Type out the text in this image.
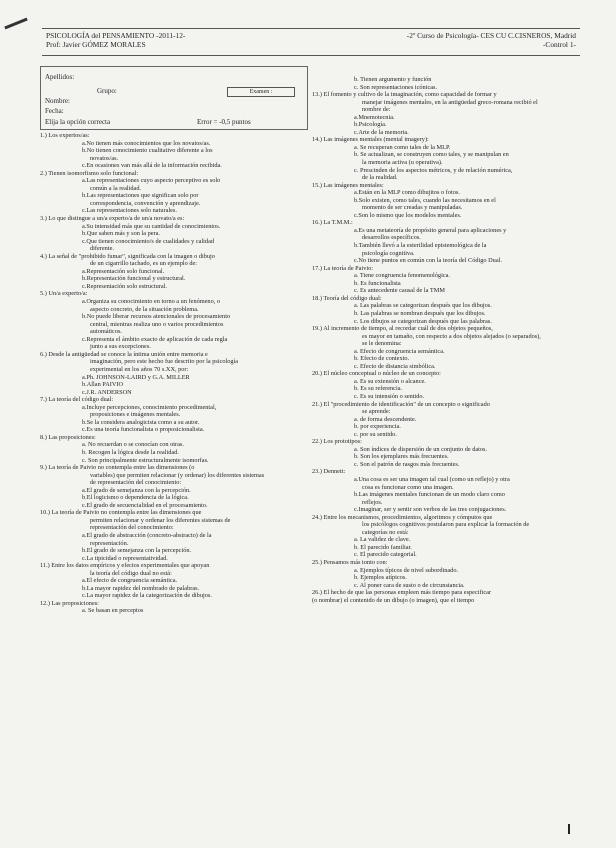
PSICOLOGÍA del PENSAMIENTO -2011-12-
Prof: Javier GÓMEZ MORALES
-2º Curso de Psicología- CES CU C.CISNEROS, Madrid
-Control 1-
Apellidos:
Grupo:	Examen :
Nombre:
Fecha:
Elija la opción correcta	Error = -0,5 puntos
1.) Los expertos/as:
a.No tienen más conocimientos que los novatos/as.
b.No tienen conocimiento cualitativo diferente a los
novatos/as.
c.En ocasiones van más allá de la información recibida.
2.) Tienen isomorfismo solo funcional:
a.Las representaciones cuyo aspecto perceptivo es solo
común a la realidad.
b.Las representaciones que significan solo por
correspondencia, convención y aprendizaje.
c.Las representaciones solo naturales.
3.) Lo que distingue a un/a experto/a de un/a novato/a es:
a.Su intensidad más que su cantidad de conocimientos.
b.Que saben más y son la pera.
c.Que tienen conocimiento/s de cualidades y calidad
diferente.
4.) La señal de "prohibido fumar", significada con la imagen o dibujo
de un cigarrillo tachado, es un ejemplo de:
a.Representación solo funcional.
b.Representación funcional y estructural.
c.Representación solo estructural.
5.) Un/a experto/a:
a.Organiza su conocimiento en torno a un fenómeno, o
aspecto concreto, de la situación problema.
b.No puede liberar recursos atencionales de procesamiento
central, mientras realiza uno o varios procedimientos
automáticos.
c.Representa el ámbito exacto de aplicación de cada regla
junto a sus excepciones.
6.) Desde la antigüedad se conoce la íntima unión entre memoria e
imaginación, pero este hecho fue descrito por la psicología
experimental en los años 70 s.XX, por:
a.Ph. JOHNSON-LAIRD y G.A. MILLER
b.Allan PAIVIO
c.J.R. ANDERSON
7.) La teoría del código dual:
a.Incluye percepciones, conocimiento procedimental,
proposiciones e imágenes mentales.
b.Se la considera analogicista como a su autor.
c.Es una teoría funcionalista o proposicionalista.
8.) Las proposiciones:
a. No recuerdan o se conocían con otras.
b. Recogen la lógica desde la realidad.
c. Son principalmente estructuralmente isomorfas.
9.) La teoría de Paivio no contempla entre las dimensiones (o
variables) que permiten relacionar (y ordenar) los diferentes sistemas
de representación del conocimiento:
a.El grado de semejanza con la percepción.
b.El logicismo o dependencia de la lógica.
c.El grado de secuencialidad en el procesamiento.
10.) La teoría de Paivio no contempla entre las dimensiones que
permiten relacionar y ordenar los diferentes sistemas de
representación del conocimiento:
a.El grado de abstracción (concreto-abstracto) de la
representación.
b.El grado de semejanza con la percepción.
c.La tipicidad o representatividad.
11.) Entre los datos empíricos y efectos experimentales que apoyan
la teoría del código dual no está:
a.El efecto de congruencia semántica.
b.La mayor rapidez del nombrado de palabras.
c.La mayor rapidez de la categorización de dibujos.
12.) Las proposiciones:
a. Se basan en perceptos
b. Tienen argumento y función
c. Son representaciones icónicas.
13.) El fomento y cultivo de la imaginación, como capacidad de formar y
manejar imágenes mentales, en la antigüedad greco-romana recibió el
nombre de:
a.Mnemotecnia.
b.Psicología.
c.Arte de la memoria.
14.) Las imágenes mentales (mental imagery):
a. Se recuperan como tales de la MLP.
b. Se actualizan, se construyen como tales, y se manipulan en
la memoria activa (u operativa).
c. Prescinden de los aspectos métricos, y de relación numérica,
de la realidad.
15.) Las imágenes mentales:
a.Están en la MLP como dibujitos o fotos.
b.Solo existen, como tales, cuando las necesitamos en el
momento de ser creadas y manipuladas.
c.Son lo mismo que los modelos mentales.
16.) La T.M.M.:
a.Es una metateoría de propósito general para aplicaciones y
desarrollos específicos.
b.También llevó a la esterilidad epistemológica de la
psicología cognitiva.
c.No tiene puntos en común con la teoría del Código Dual.
17.) La teoría de Paivio:
a. Tiene congruencia fenomenológica.
b. Es funcionalista
c. Es antecedente causal de la TMM
18.) Teoría del código dual:
a. Las palabras se categorizan después que los dibujos.
b. Las palabras se nombran después que los dibujos.
c. Los dibujos se categorizan después que las palabras.
19.) Al incremento de tiempo, al recordar cuál de dos objetos pequeños,
es mayor en tamaño, con respecto a dos objetos alejados (o separados),
se le denomina:
a. Efecto de congruencia semántica.
b. Efecto de contexto.
c. Efecto de distancia simbólica.
20.) El núcleo conceptual o núcleo de un concepto:
a. Es su extensión o alcance.
b. Es su referencia.
c. Es su intensión o sentido.
21.) El "procedimiento de identificación" de un concepto o significado
se aprende:
a. de forma descendente.
b. por experiencia.
c. por su sentido.
22.) Los prototipos:
a. Son índices de dispersión de un conjunto de datos.
b. Son los ejemplares más frecuentes.
c. Son el patrón de rasgos más frecuentes.
23.) Dennett:
a.Una cosa es ser una imagen tal cual (como un reflejo) y otra
cosa es funcionar como una imagen.
b.Las imágenes mentales funcionan de un modo claro como
reflejos.
c.Imaginar, ser y sentir son verbos de las tres conjugaciones.
24.) Entre los mecanismos, procedimientos, algoritmos y cómputos que
los psicólogos cognitivos postularon para explicar la formación de
categorías no está:
a. La validez de clave.
b. El parecido familiar.
c. El parecido categorial.
25.) Pensamos más tonto con:
a. Ejemplos típicos de nivel subordinado.
b. Ejemplos atípicos.
c. Al poner cara de susto o de circunstancia.
26.) El hecho de que las personas empleen más tiempo para especificar
(o nombrar) el contenido de un dibujo (o imagen), que el tiempo
